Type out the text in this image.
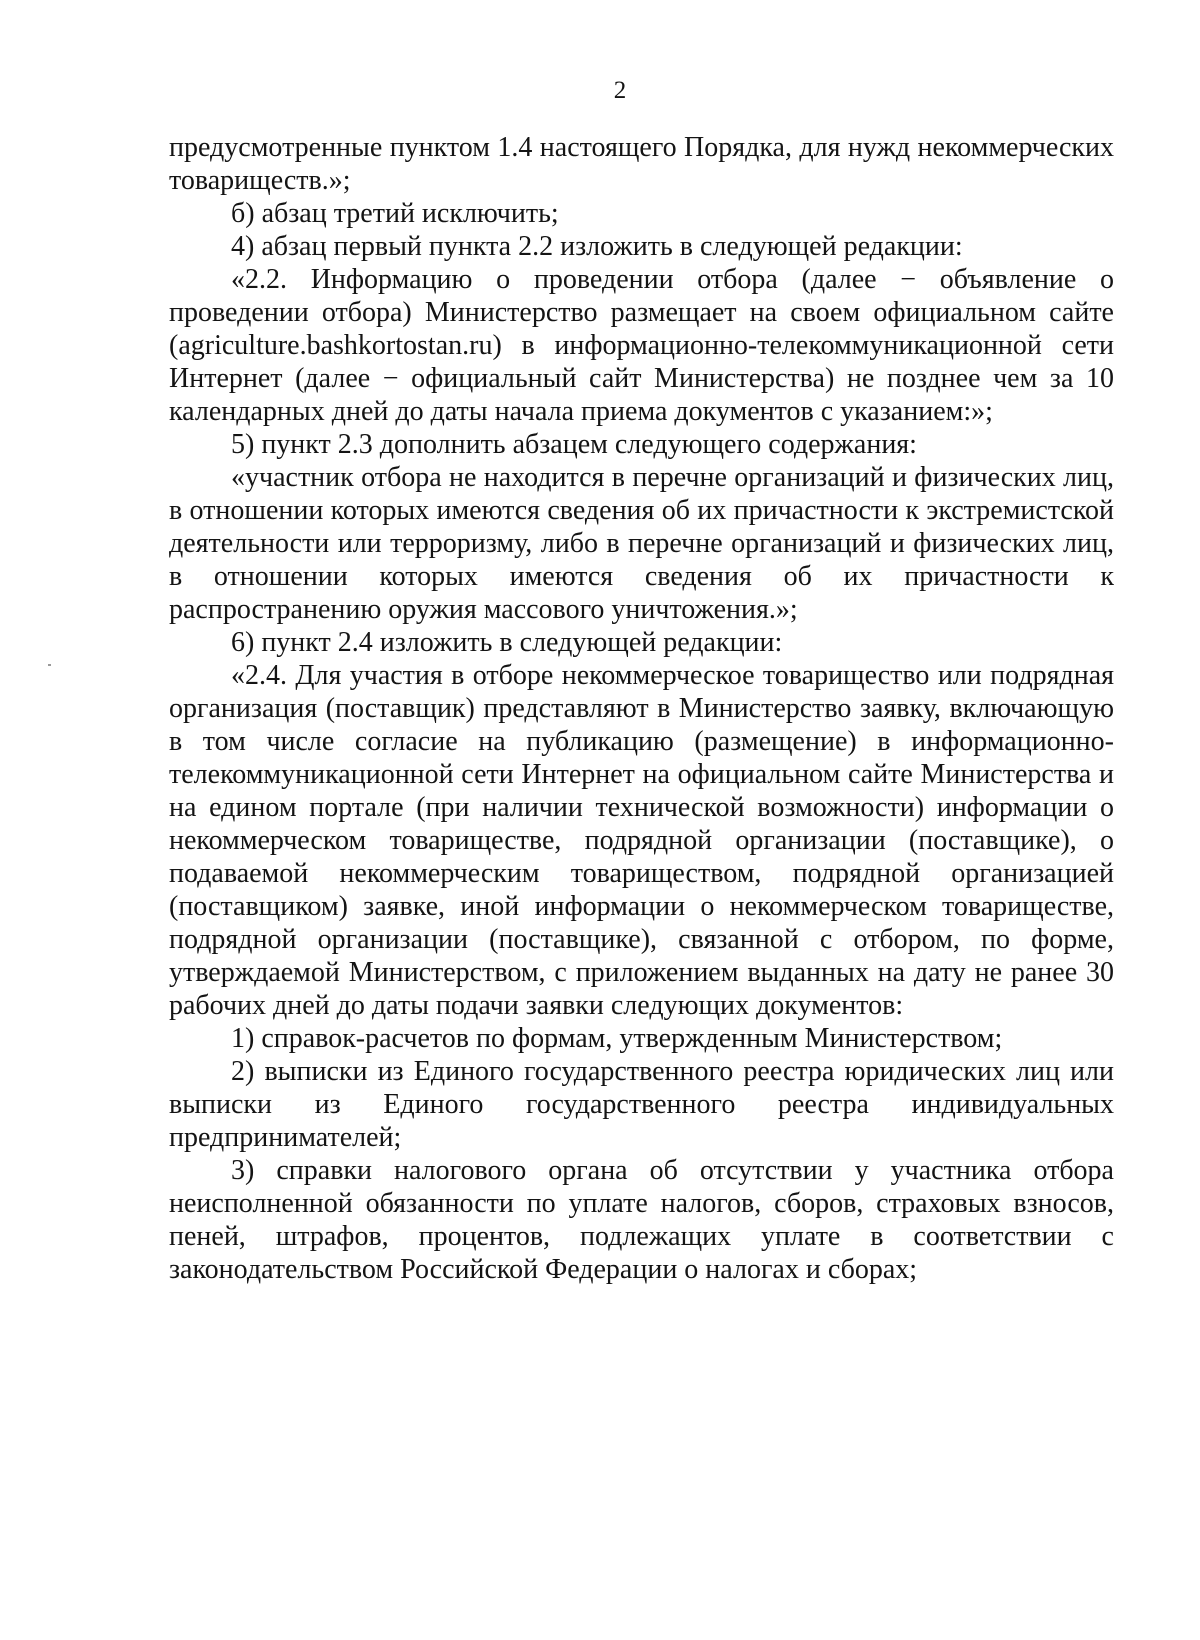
2

предусмотренные пунктом 1.4 настоящего Порядка, для нужд некоммерческих товариществ.»;

б) абзац третий исключить;

4) абзац первый пункта 2.2 изложить в следующей редакции:

«2.2. Информацию о проведении отбора (далее − объявление о проведении отбора) Министерство размещает на своем официальном сайте (agriculture.bashkortostan.ru) в информационно-телекоммуникационной сети Интернет (далее − официальный сайт Министерства) не позднее чем за 10 календарных дней до даты начала приема документов с указанием:»;

5) пункт 2.3 дополнить абзацем следующего содержания:

«участник отбора не находится в перечне организаций и физических лиц, в отношении которых имеются сведения об их причастности к экстремистской деятельности или терроризму, либо в перечне организаций и физических лиц, в отношении которых имеются сведения об их причастности к распространению оружия массового уничтожения.»;

6) пункт 2.4 изложить в следующей редакции:

«2.4. Для участия в отборе некоммерческое товарищество или подрядная организация (поставщик) представляют в Министерство заявку, включающую в том числе согласие на публикацию (размещение) в информационно-телекоммуникационной сети Интернет на официальном сайте Министерства и на едином портале (при наличии технической возможности) информации о некоммерческом товариществе, подрядной организации (поставщике), о подаваемой некоммерческим товариществом, подрядной организацией (поставщиком) заявке, иной информации о некоммерческом товариществе, подрядной организации (поставщике), связанной с отбором, по форме, утверждаемой Министерством, с приложением выданных на дату не ранее 30 рабочих дней до даты подачи заявки следующих документов:

1) справок-расчетов по формам, утвержденным Министерством;

2) выписки из Единого государственного реестра юридических лиц или выписки из Единого государственного реестра индивидуальных предпринимателей;

3) справки налогового органа об отсутствии у участника отбора неисполненной обязанности по уплате налогов, сборов, страховых взносов, пеней, штрафов, процентов, подлежащих уплате в соответствии с законодательством Российской Федерации о налогах и сборах;
